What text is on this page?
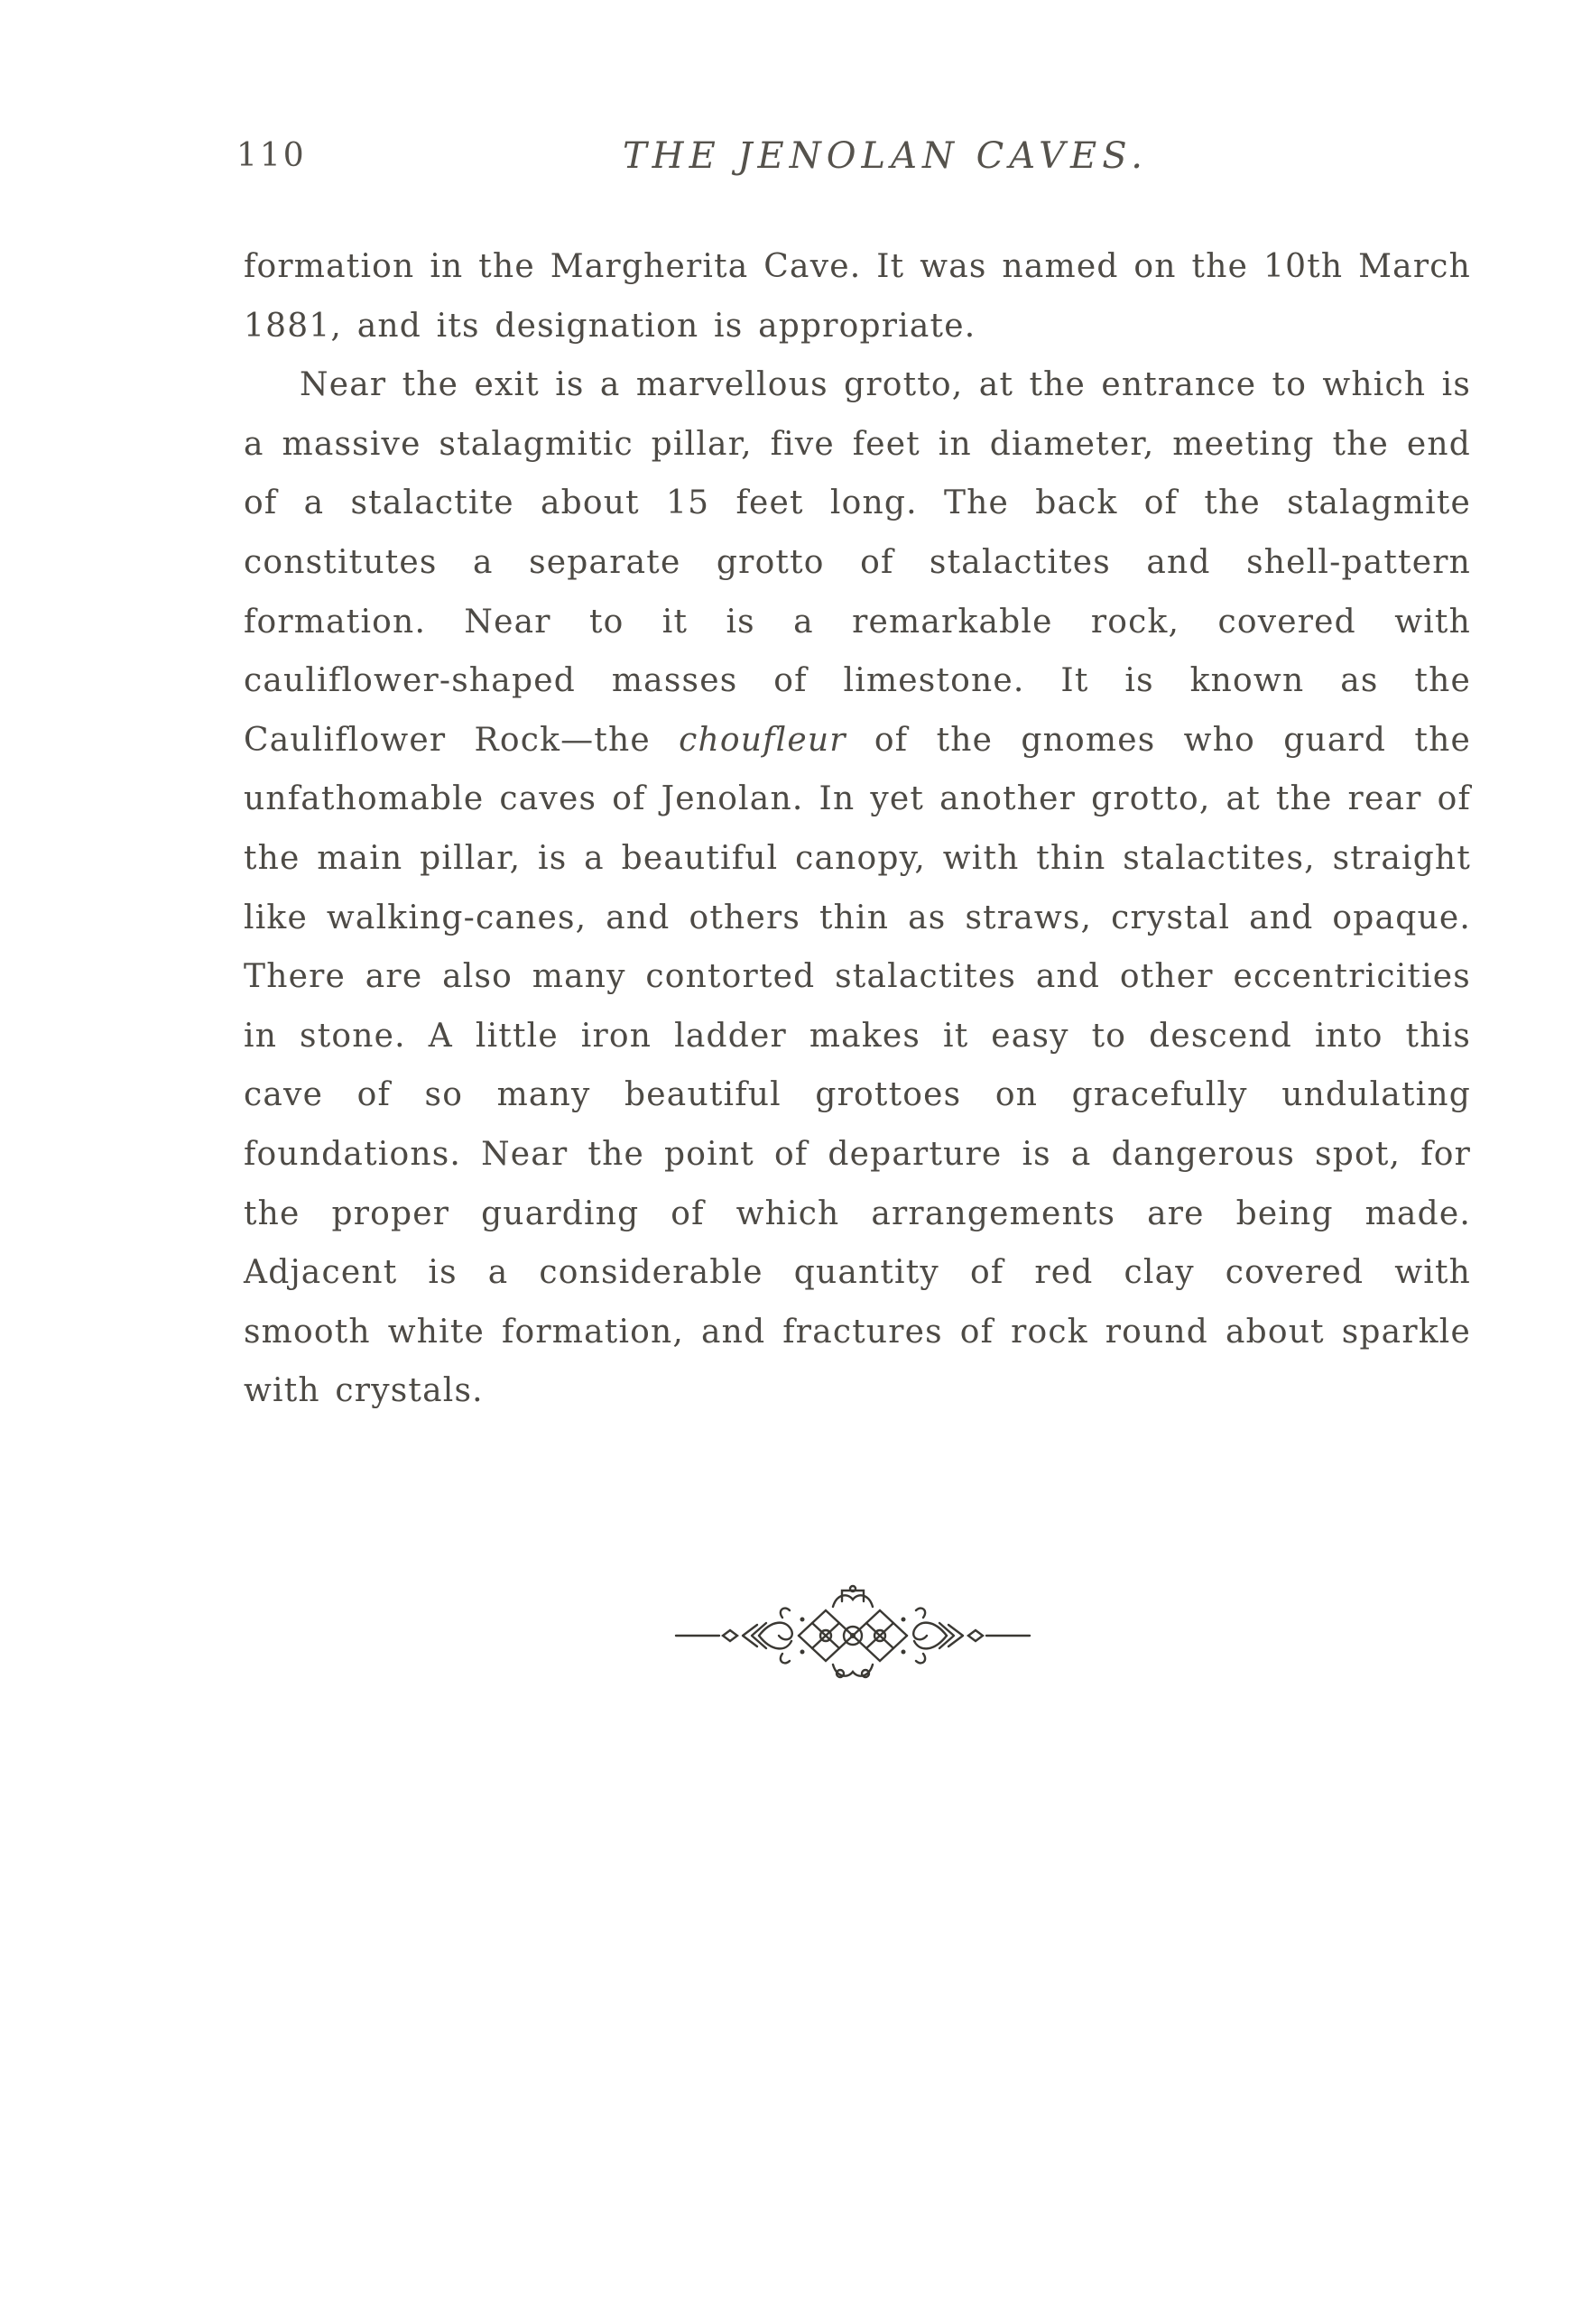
110	THE JENOLAN CAVES.

formation in the Margherita Cave. It was named on the 10th March 1881, and its designation is appropriate.

Near the exit is a marvellous grotto, at the entrance to which is a massive stalagmitic pillar, five feet in diameter, meeting the end of a stalactite about 15 feet long. The back of the stalagmite constitutes a separate grotto of stalactites and shell-pattern formation. Near to it is a remarkable rock, covered with cauliflower-shaped masses of limestone. It is known as the Cauliflower Rock—the choufleur of the gnomes who guard the unfathomable caves of Jenolan. In yet another grotto, at the rear of the main pillar, is a beautiful canopy, with thin stalactites, straight like walking-canes, and others thin as straws, crystal and opaque. There are also many contorted stalactites and other eccentricities in stone. A little iron ladder makes it easy to descend into this cave of so many beautiful grottoes on gracefully undulating foundations. Near the point of departure is a dangerous spot, for the proper guarding of which arrangements are being made. Adjacent is a considerable quantity of red clay covered with smooth white formation, and fractures of rock round about sparkle with crystals.
